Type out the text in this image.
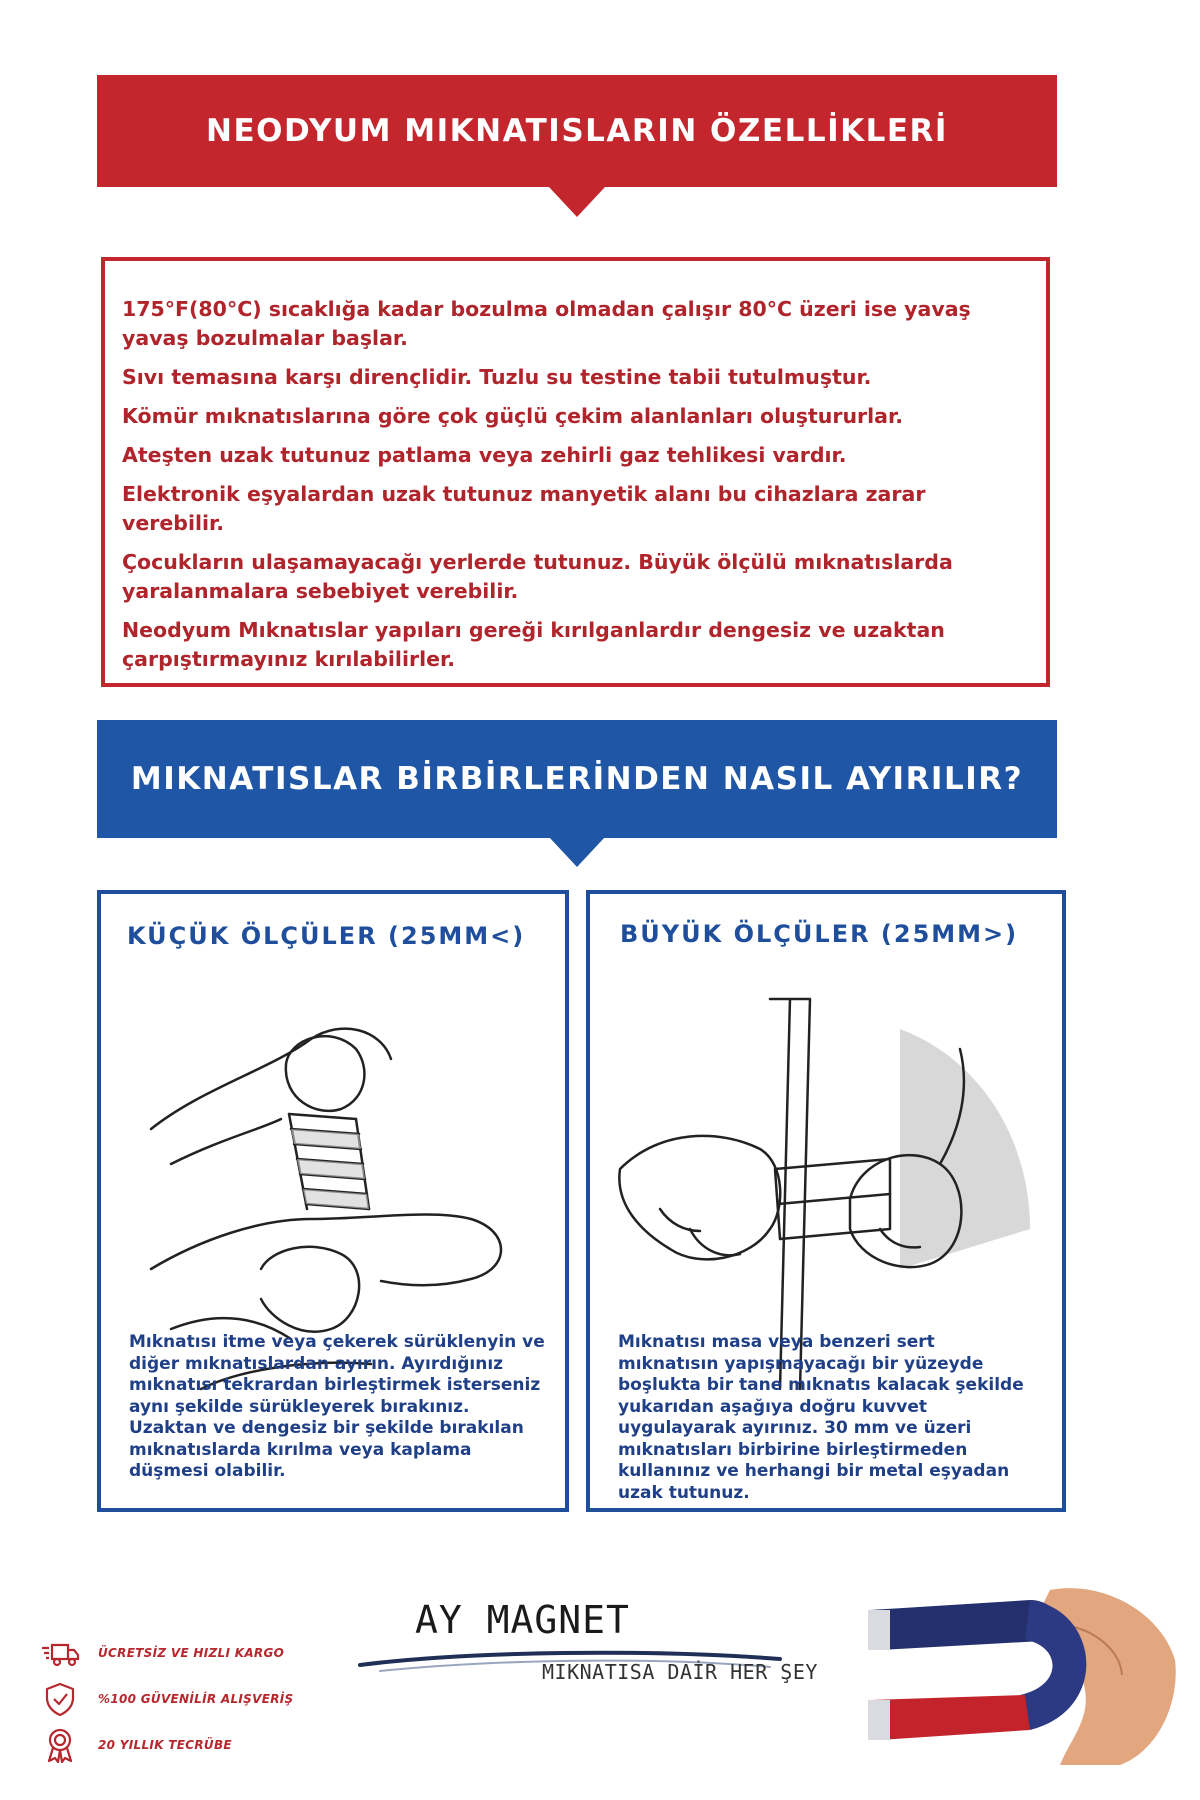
NEODYUM MIKNATISLARIN ÖZELLİKLERİ

175°F(80°C) sıcaklığa kadar bozulma olmadan çalışır 80°C üzeri ise yavaş yavaş bozulmalar başlar.

Sıvı temasına karşı dirençlidir. Tuzlu su testine tabii tutulmuştur.

Kömür mıknatıslarına göre çok güçlü çekim alanlanları oluştururlar.

Ateşten uzak tutunuz patlama veya zehirli gaz tehlikesi vardır.

Elektronik eşyalardan uzak tutunuz manyetik alanı bu cihazlara zarar verebilir.

Çocukların ulaşamayacağı yerlerde tutunuz. Büyük ölçülü mıknatıslarda yaralanmalara sebebiyet verebilir.

Neodyum Mıknatıslar yapıları gereği kırılganlardır dengesiz ve uzaktan çarpıştırmayınız kırılabilirler.

MIKNATISLAR BİRBİRLERİNDEN NASIL AYIRILIR?
KÜÇÜK ÖLÇÜLER (25MM<)
Mıknatısı itme veya çekerek sürüklenyin ve diğer mıknatıslardan ayırın. Ayırdığınız mıknatısı tekrardan birleştirmek isterseniz aynı şekilde sürükleyerek bırakınız. Uzaktan ve dengesiz bir şekilde bırakılan mıknatıslarda kırılma veya kaplama düşmesi olabilir.
BÜYÜK ÖLÇÜLER (25MM>)
Mıknatısı masa veya benzeri sert mıknatısın yapışmayacağı bir yüzeyde boşlukta bir tane mıknatıs kalacak şekilde yukarıdan aşağıya doğru kuvvet uygulayarak ayırınız. 30 mm ve üzeri mıknatısları birbirine birleştirmeden kullanınız ve herhangi bir metal eşyadan uzak tutunuz.
ÜCRETSİZ VE HIZLI KARGO
%100 GÜVENİLİR ALIŞVERİŞ
20 YILLIK TECRÜBE
AY MAGNET
MIKNATISA DAİR HER ŞEY
